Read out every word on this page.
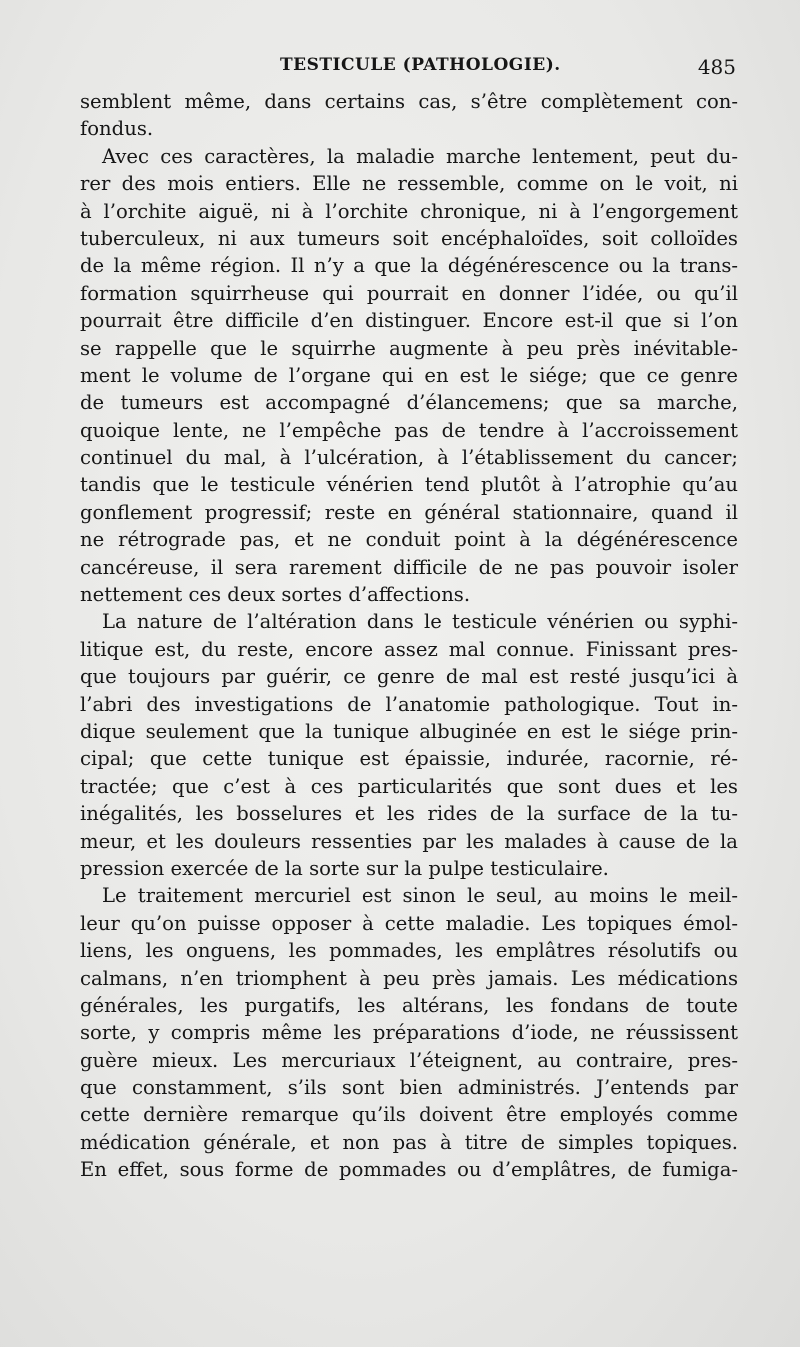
TESTICULE (PATHOLOGIE).	485
semblent même, dans certains cas, s’être complètement con-
fondus.
Avec ces caractères, la maladie marche lentement, peut du-
rer des mois entiers. Elle ne ressemble, comme on le voit, ni
à l’orchite aiguë, ni à l’orchite chronique, ni à l’engorgement
tuberculeux, ni aux tumeurs soit encéphaloïdes, soit colloïdes
de la même région. Il n’y a que la dégénérescence ou la trans-
formation squirrheuse qui pourrait en donner l’idée, ou qu’il
pourrait être difficile d’en distinguer. Encore est-il que si l’on
se rappelle que le squirrhe augmente à peu près inévitable-
ment le volume de l’organe qui en est le siége; que ce genre
de tumeurs est accompagné d’élancemens; que sa marche,
quoique lente, ne l’empêche pas de tendre à l’accroissement
continuel du mal, à l’ulcération, à l’établissement du cancer;
tandis que le testicule vénérien tend plutôt à l’atrophie qu’au
gonflement progressif; reste en général stationnaire, quand il
ne rétrograde pas, et ne conduit point à la dégénérescence
cancéreuse, il sera rarement difficile de ne pas pouvoir isoler
nettement ces deux sortes d’affections.
La nature de l’altération dans le testicule vénérien ou syphi-
litique est, du reste, encore assez mal connue. Finissant pres-
que toujours par guérir, ce genre de mal est resté jusqu’ici à
l’abri des investigations de l’anatomie pathologique. Tout in-
dique seulement que la tunique albuginée en est le siége prin-
cipal; que cette tunique est épaissie, indurée, racornie, ré-
tractée; que c’est à ces particularités que sont dues et les
inégalités, les bosselures et les rides de la surface de la tu-
meur, et les douleurs ressenties par les malades à cause de la
pression exercée de la sorte sur la pulpe testiculaire.
Le traitement mercuriel est sinon le seul, au moins le meil-
leur qu’on puisse opposer à cette maladie. Les topiques émol-
liens, les onguens, les pommades, les emplâtres résolutifs ou
calmans, n’en triomphent à peu près jamais. Les médications
générales, les purgatifs, les altérans, les fondans de toute
sorte, y compris même les préparations d’iode, ne réussissent
guère mieux. Les mercuriaux l’éteignent, au contraire, pres-
que constamment, s’ils sont bien administrés. J’entends par
cette dernière remarque qu’ils doivent être employés comme
médication générale, et non pas à titre de simples topiques.
En effet, sous forme de pommades ou d’emplâtres, de fumiga-
